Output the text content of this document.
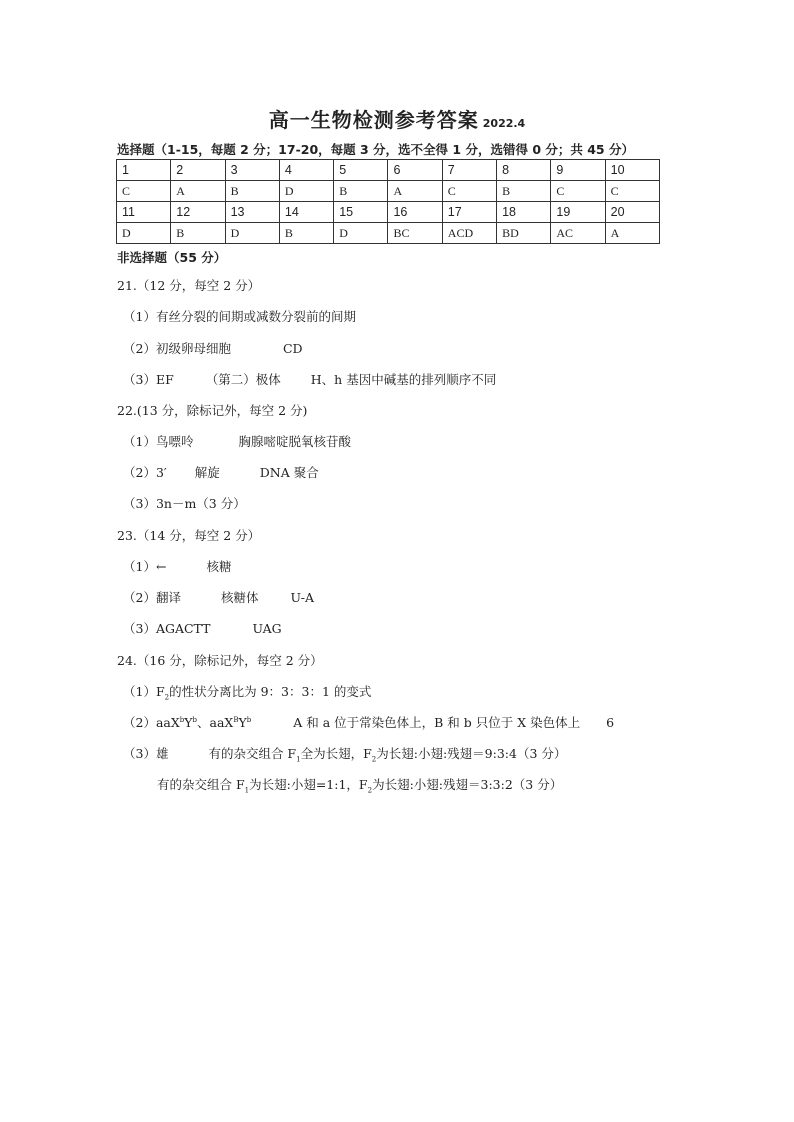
高一生物检测参考答案 2022.4
选择题（1-15，每题 2 分；17-20，每题 3 分，选不全得 1 分，选错得 0 分；共 45 分）
1	2	3	4	5	6	7	8	9	10
C	A	B	D	B	A	C	B	C	C
11	12	13	14	15	16	17	18	19	20
D	B	D	B	D	BC	ACD	BD	AC	A
非选择题（55 分）
21.（12 分，每空 2 分）
（1）有丝分裂的间期或减数分裂前的间期
（2）初级卵母细胞	CD
（3）EF	（第二）极体 H、h 基因中碱基的排列顺序不同
22.(13 分，除标记外，每空 2 分)
（1）鸟嘌呤	胸腺嘧啶脱氧核苷酸
（2）3′ 解旋	DNA 聚合
（3）3n－m（3 分）
23.（14 分，每空 2 分）
（1）←	核糖
（2）翻译	核糖体	U-A
（3）AGACTT	UAG
24.（16 分，除标记外，每空 2 分）
$(1)F_2$的性状分离比为 9：3：3：1 的变式
$(2)aaX^bY^b$、$aaX^BY^b$	A 和 a 位于常染色体上，B 和 b 只位于 X 染色体上 6
（3）雄	有的杂交组合 $F_1$全为长翅，$F_2$为长翅:小翅:残翅＝9:3:4（3 分）
有的杂交组合 $F_1$为长翅:小翅=1:1，$F_2$为长翅:小翅:残翅＝3:3:2（3 分）
